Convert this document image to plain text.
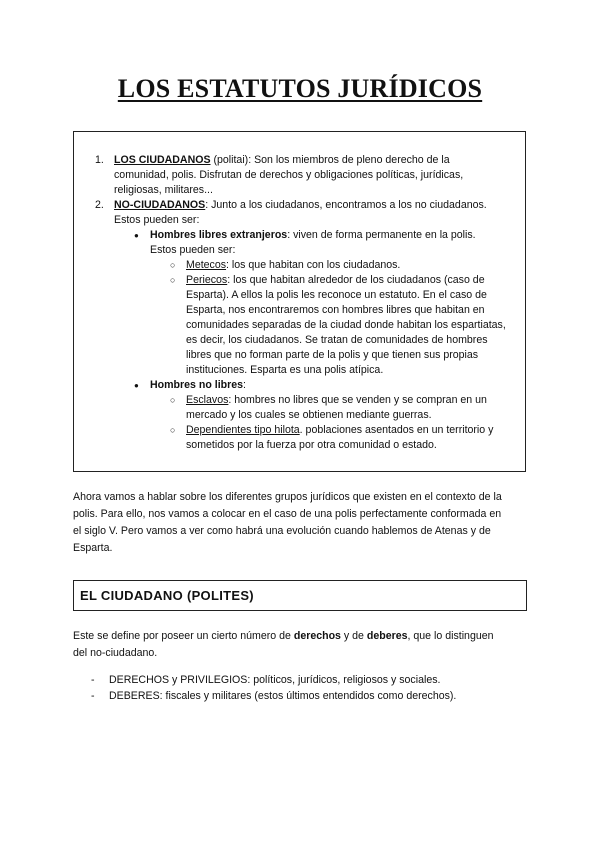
LOS ESTATUTOS JURÍDICOS
1. LOS CIUDADANOS (politai): Son los miembros de pleno derecho de la
comunidad, polis. Disfrutan de derechos y obligaciones políticas, jurídicas,
religiosas, militares...
2. NO-CIUDADANOS: Junto a los ciudadanos, encontramos a los no ciudadanos.
Estos pueden ser:
● Hombres libres extranjeros: viven de forma permanente en la polis.
Estos pueden ser:
○ Metecos: los que habitan con los ciudadanos.
○ Periecos: los que habitan alrededor de los ciudadanos (caso de
Esparta). A ellos la polis les reconoce un estatuto. En el caso de
Esparta, nos encontraremos con hombres libres que habitan en
comunidades separadas de la ciudad donde habitan los espartiatas,
es decir, los ciudadanos. Se tratan de comunidades de hombres
libres que no forman parte de la polis y que tienen sus propias
instituciones. Esparta es una polis atípica.
● Hombres no libres:
○ Esclavos: hombres no libres que se venden y se compran en un
mercado y los cuales se obtienen mediante guerras.
○ Dependientes tipo hilota. poblaciones asentados en un territorio y
sometidos por la fuerza por otra comunidad o estado.
Ahora vamos a hablar sobre los diferentes grupos jurídicos que existen en el contexto de la
polis. Para ello, nos vamos a colocar en el caso de una polis perfectamente conformada en
el siglo V. Pero vamos a ver como habrá una evolución cuando hablemos de Atenas y de
Esparta.
EL CIUDADANO (POLITES)
Este se define por poseer un cierto número de derechos y de deberes, que lo distinguen
del no-ciudadano.
- DERECHOS y PRIVILEGIOS: políticos, jurídicos, religiosos y sociales.
- DEBERES: fiscales y militares (estos últimos entendidos como derechos).
